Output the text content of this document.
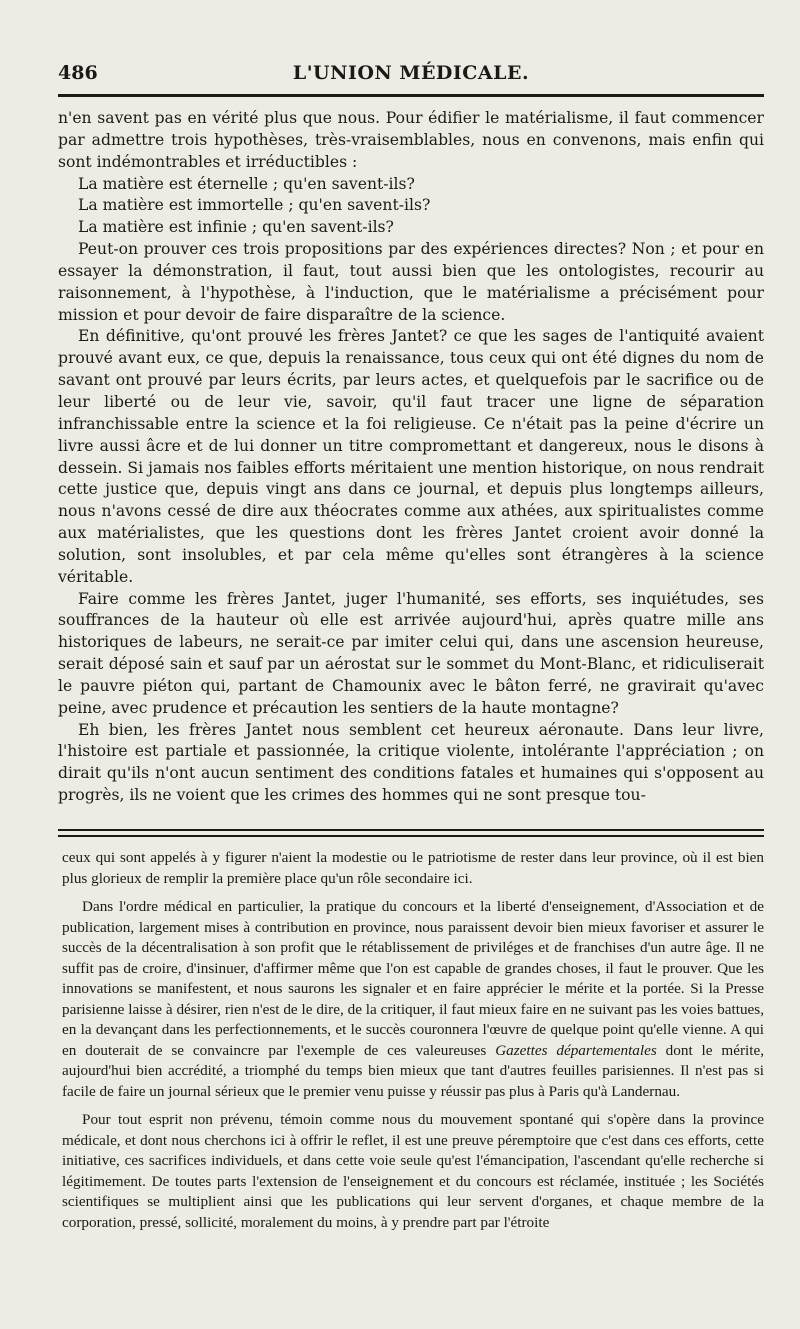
486	L'UNION MÉDICALE.

n'en savent pas en vérité plus que nous. Pour édifier le matérialisme, il faut commencer par admettre trois hypothèses, très-vraisemblables, nous en convenons, mais enfin qui sont indémontrables et irréductibles :

La matière est éternelle ; qu'en savent-ils?

La matière est immortelle ; qu'en savent-ils?

La matière est infinie ; qu'en savent-ils?

Peut-on prouver ces trois propositions par des expériences directes? Non ; et pour en essayer la démonstration, il faut, tout aussi bien que les ontologistes, recourir au raisonnement, à l'hypothèse, à l'induction, que le matérialisme a précisément pour mission et pour devoir de faire disparaître de la science.

En définitive, qu'ont prouvé les frères Jantet? ce que les sages de l'antiquité avaient prouvé avant eux, ce que, depuis la renaissance, tous ceux qui ont été dignes du nom de savant ont prouvé par leurs écrits, par leurs actes, et quelquefois par le sacrifice ou de leur liberté ou de leur vie, savoir, qu'il faut tracer une ligne de séparation infranchissable entre la science et la foi religieuse. Ce n'était pas la peine d'écrire un livre aussi âcre et de lui donner un titre compromettant et dangereux, nous le disons à dessein. Si jamais nos faibles efforts méritaient une mention historique, on nous rendrait cette justice que, depuis vingt ans dans ce journal, et depuis plus longtemps ailleurs, nous n'avons cessé de dire aux théocrates comme aux athées, aux spiritualistes comme aux matérialistes, que les questions dont les frères Jantet croient avoir donné la solution, sont insolubles, et par cela même qu'elles sont étrangères à la science véritable.

Faire comme les frères Jantet, juger l'humanité, ses efforts, ses inquiétudes, ses souffrances de la hauteur où elle est arrivée aujourd'hui, après quatre mille ans historiques de labeurs, ne serait-ce par imiter celui qui, dans une ascension heureuse, serait déposé sain et sauf par un aérostat sur le sommet du Mont-Blanc, et ridiculiserait le pauvre piéton qui, partant de Chamounix avec le bâton ferré, ne gravirait qu'avec peine, avec prudence et précaution les sentiers de la haute montagne?

Eh bien, les frères Jantet nous semblent cet heureux aéronaute. Dans leur livre, l'histoire est partiale et passionnée, la critique violente, intolérante l'appréciation ; on dirait qu'ils n'ont aucun sentiment des conditions fatales et humaines qui s'opposent au progrès, ils ne voient que les crimes des hommes qui ne sont presque tou-

ceux qui sont appelés à y figurer n'aient la modestie ou le patriotisme de rester dans leur province, où il est bien plus glorieux de remplir la première place qu'un rôle secondaire ici.

Dans l'ordre médical en particulier, la pratique du concours et la liberté d'enseignement, d'Association et de publication, largement mises à contribution en province, nous paraissent devoir bien mieux favoriser et assurer le succès de la décentralisation à son profit que le rétablissement de priviléges et de franchises d'un autre âge. Il ne suffit pas de croire, d'insinuer, d'affirmer même que l'on est capable de grandes choses, il faut le prouver. Que les innovations se manifestent, et nous saurons les signaler et en faire apprécier le mérite et la portée. Si la Presse parisienne laisse à désirer, rien n'est de le dire, de la critiquer, il faut mieux faire en ne suivant pas les voies battues, en la devançant dans les perfectionnements, et le succès couronnera l'œuvre de quelque point qu'elle vienne. A qui en douterait de se convaincre par l'exemple de ces valeureuses Gazettes départementales dont le mérite, aujourd'hui bien accrédité, a triomphé du temps bien mieux que tant d'autres feuilles parisiennes. Il n'est pas si facile de faire un journal sérieux que le premier venu puisse y réussir pas plus à Paris qu'à Landernau.

Pour tout esprit non prévenu, témoin comme nous du mouvement spontané qui s'opère dans la province médicale, et dont nous cherchons ici à offrir le reflet, il est une preuve péremptoire que c'est dans ces efforts, cette initiative, ces sacrifices individuels, et dans cette voie seule qu'est l'émancipation, l'ascendant qu'elle recherche si légitimement. De toutes parts l'extension de l'enseignement et du concours est réclamée, instituée ; les Sociétés scientifiques se multiplient ainsi que les publications qui leur servent d'organes, et chaque membre de la corporation, pressé, sollicité, moralement du moins, à y prendre part par l'étroite
